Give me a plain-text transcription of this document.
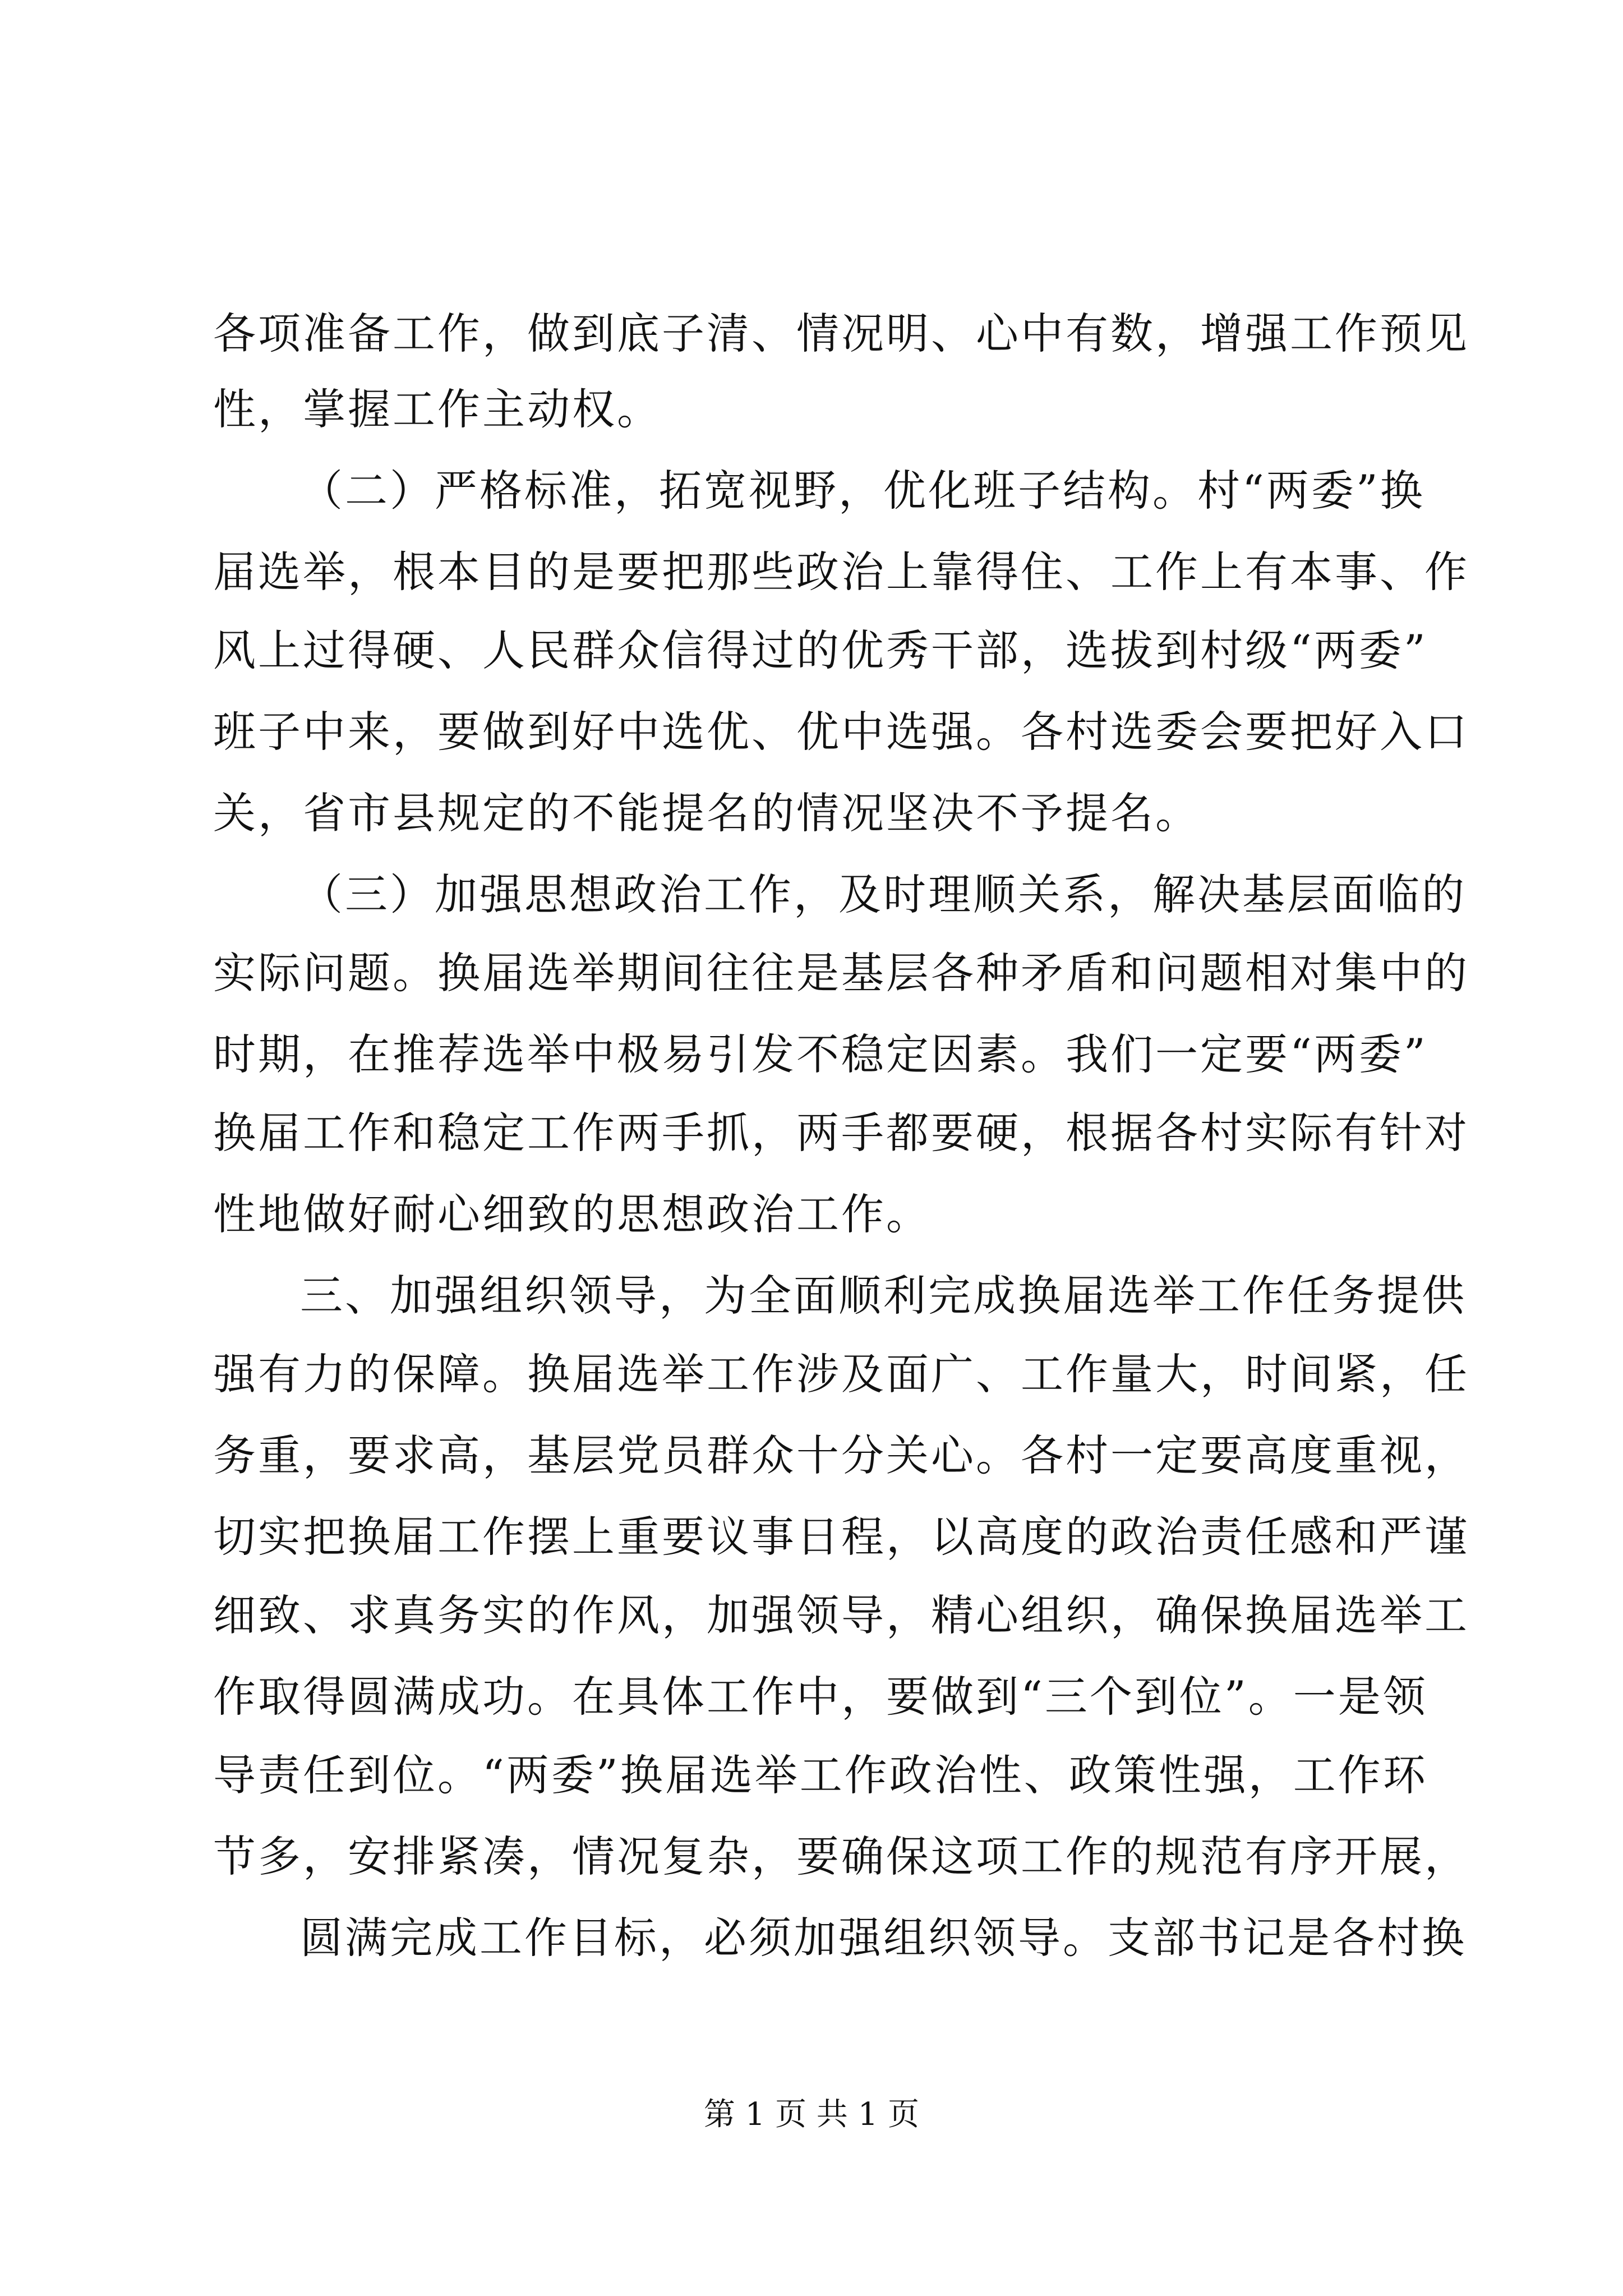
各项准备工作，做到底子清、情况明、心中有数，增强工作预见
性，掌握工作主动权。
（二）严格标准，拓宽视野，优化班子结构。村“两委”换
届选举，根本目的是要把那些政治上靠得住、工作上有本事、作
风上过得硬、人民群众信得过的优秀干部，选拔到村级“两委”
班子中来，要做到好中选优、优中选强。各村选委会要把好入口
关，省市县规定的不能提名的情况坚决不予提名。
（三）加强思想政治工作，及时理顺关系，解决基层面临的
实际问题。换届选举期间往往是基层各种矛盾和问题相对集中的
时期，在推荐选举中极易引发不稳定因素。我们一定要“两委”
换届工作和稳定工作两手抓，两手都要硬，根据各村实际有针对
性地做好耐心细致的思想政治工作。
三、加强组织领导，为全面顺利完成换届选举工作任务提供
强有力的保障。换届选举工作涉及面广、工作量大，时间紧，任
务重，要求高，基层党员群众十分关心。各村一定要高度重视，
切实把换届工作摆上重要议事日程，以高度的政治责任感和严谨
细致、求真务实的作风，加强领导，精心组织，确保换届选举工
作取得圆满成功。在具体工作中，要做到“三个到位”。一是领
导责任到位。“两委”换届选举工作政治性、政策性强，工作环
节多，安排紧凑，情况复杂，要确保这项工作的规范有序开展，
圆满完成工作目标，必须加强组织领导。支部书记是各村换
第 1 页 共 1 页
